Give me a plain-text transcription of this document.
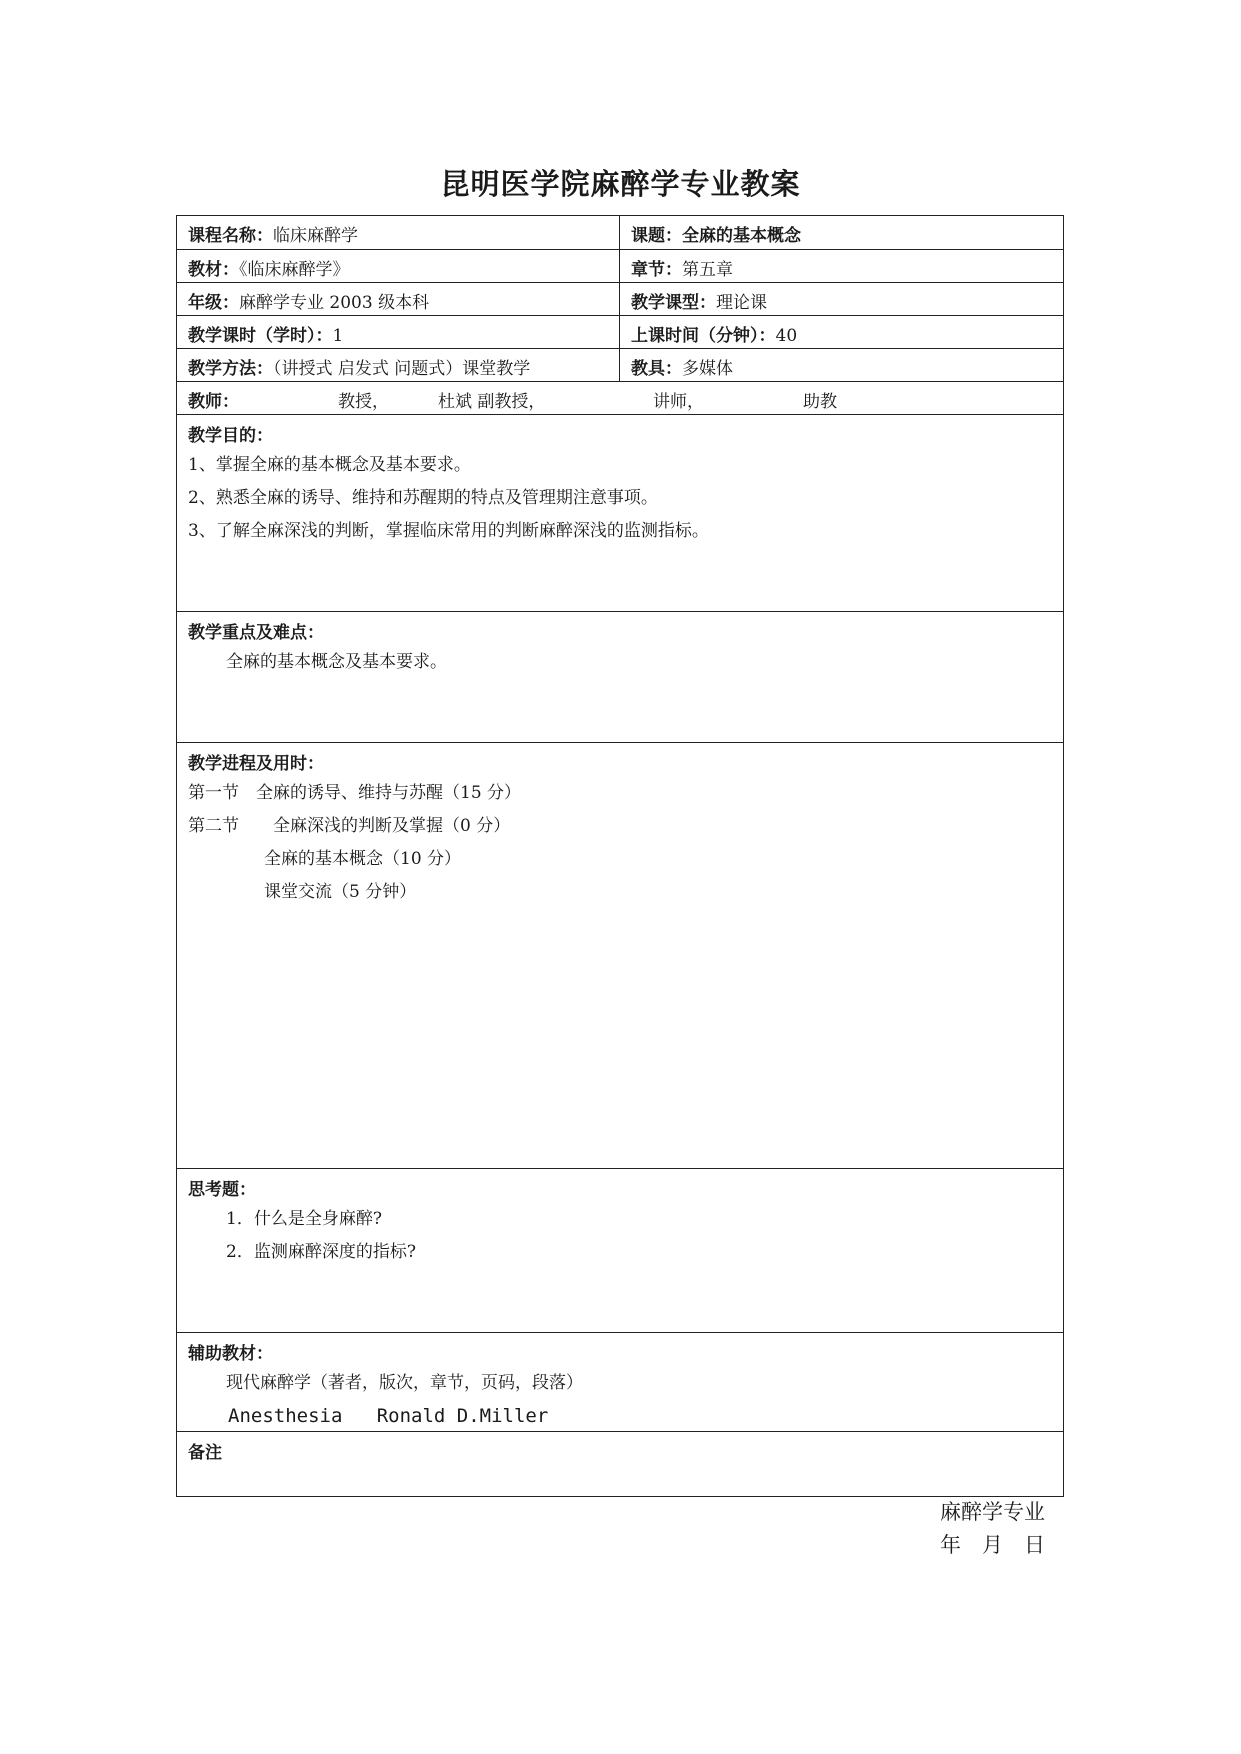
昆明医学院麻醉学专业教案
课程名称：临床麻醉学	课题：全麻的基本概念
教材：《临床麻醉学》	章节：第五章
年级：麻醉学专业 2003 级本科	教学课型：理论课
教学课时（学时）：1	上课时间（分钟）：40
教学方法：（讲授式 启发式 问题式）课堂教学	教具：多媒体
教师：	教授，	杜斌 副教授，	讲师，	助教
教学目的：
1、掌握全麻的基本概念及基本要求。
2、熟悉全麻的诱导、维持和苏醒期的特点及管理期注意事项。
3、了解全麻深浅的判断，掌握临床常用的判断麻醉深浅的监测指标。
教学重点及难点：
全麻的基本概念及基本要求。
教学进程及用时：
第一节　全麻的诱导、维持与苏醒（15 分）
第二节　　全麻深浅的判断及掌握（0 分）
全麻的基本概念（10 分）
课堂交流（5 分钟）
思考题：
1．什么是全身麻醉?
2．监测麻醉深度的指标?
辅助教材：
现代麻醉学（著者，版次，章节，页码，段落）
Anesthesia   Ronald D.Miller
备注
麻醉学专业
年　月　日
